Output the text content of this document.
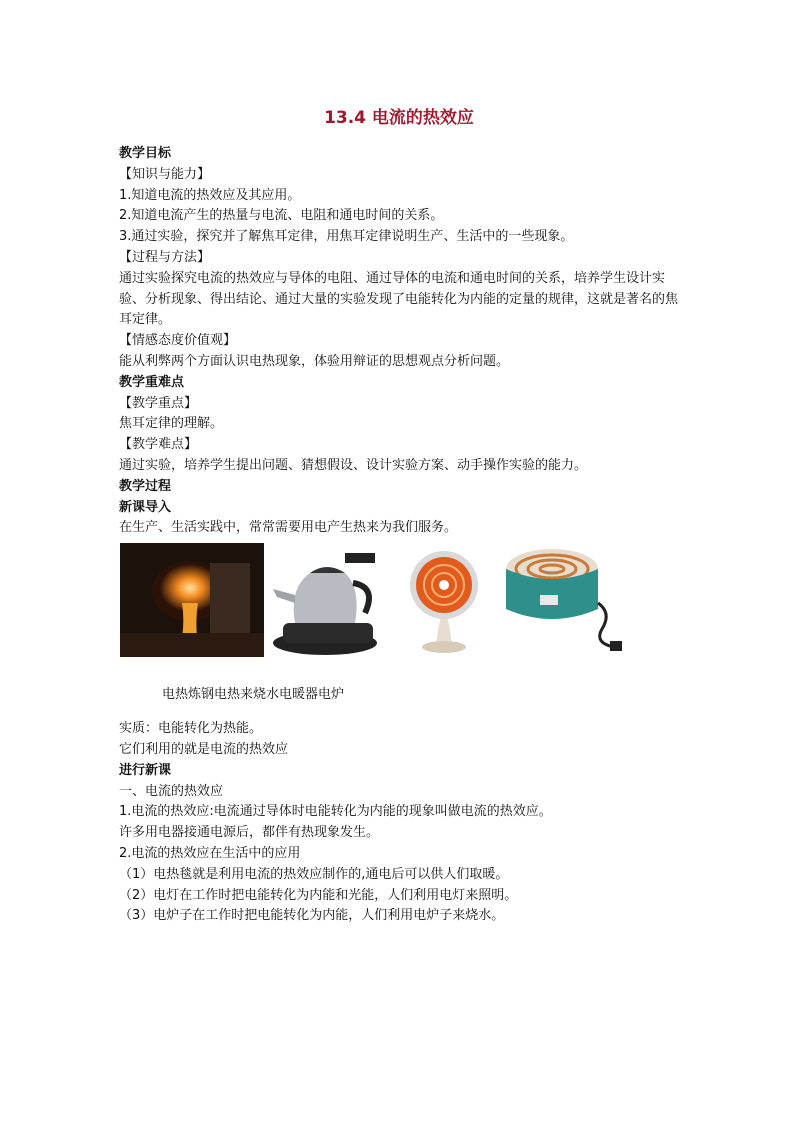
13.4 电流的热效应

教学目标

【知识与能力】

1.知道电流的热效应及其应用。

2.知道电流产生的热量与电流、电阻和通电时间的关系。

3.通过实验，探究并了解焦耳定律，用焦耳定律说明生产、生活中的一些现象。

【过程与方法】

通过实验探究电流的热效应与导体的电阻、通过导体的电流和通电时间的关系，培养学生设计实验、分析现象、得出结论、通过大量的实验发现了电能转化为内能的定量的规律，这就是著名的焦耳定律。

【情感态度价值观】

能从利弊两个方面认识电热现象，体验用辩证的思想观点分析问题。

教学重难点

【教学重点】

焦耳定律的理解。

【教学难点】

通过实验，培养学生提出问题、猜想假设、设计实验方案、动手操作实验的能力。

教学过程

新课导入

在生产、生活实践中，常常需要用电产生热来为我们服务。

电热炼钢电热来烧水电暖器电炉

实质：电能转化为热能。

它们利用的就是电流的热效应

进行新课

一、电流的热效应

1.电流的热效应:电流通过导体时电能转化为内能的现象叫做电流的热效应。

许多用电器接通电源后，都伴有热现象发生。

2.电流的热效应在生活中的应用

（1）电热毯就是利用电流的热效应制作的,通电后可以供人们取暖。

（2）电灯在工作时把电能转化为内能和光能，人们利用电灯来照明。

（3）电炉子在工作时把电能转化为内能，人们利用电炉子来烧水。
